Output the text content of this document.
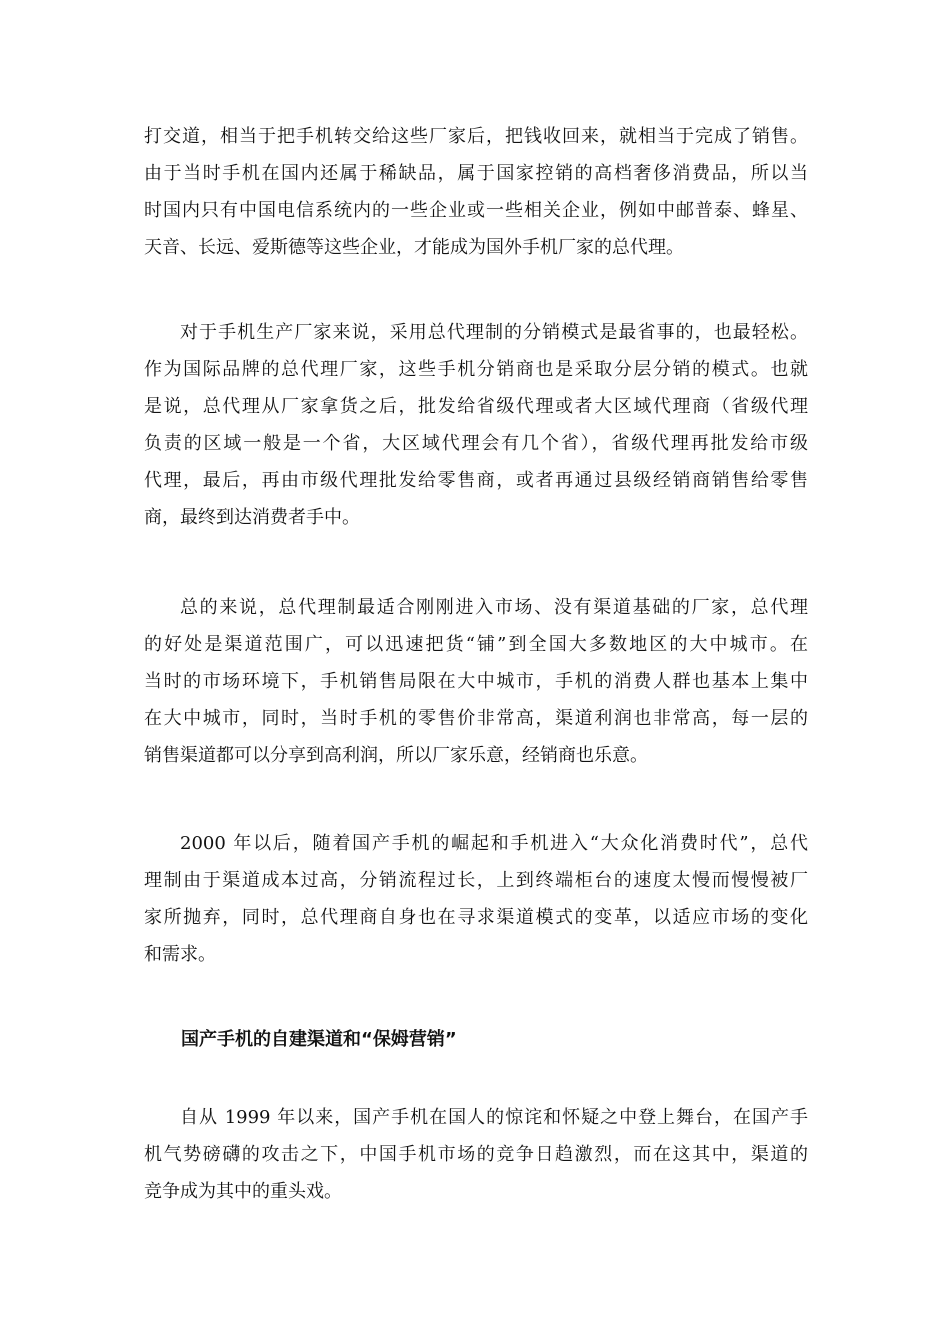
打交道，相当于把手机转交给这些厂家后，把钱收回来，就相当于完成了销售。
由于当时手机在国内还属于稀缺品，属于国家控销的高档奢侈消费品，所以当
时国内只有中国电信系统内的一些企业或一些相关企业，例如中邮普泰、蜂星、
天音、长远、爱斯德等这些企业，才能成为国外手机厂家的总代理。
对于手机生产厂家来说，采用总代理制的分销模式是最省事的，也最轻松。
作为国际品牌的总代理厂家，这些手机分销商也是采取分层分销的模式。也就
是说，总代理从厂家拿货之后，批发给省级代理或者大区域代理商（省级代理
负责的区域一般是一个省，大区域代理会有几个省），省级代理再批发给市级
代理，最后，再由市级代理批发给零售商，或者再通过县级经销商销售给零售
商，最终到达消费者手中。
总的来说，总代理制最适合刚刚进入市场、没有渠道基础的厂家，总代理
的好处是渠道范围广，可以迅速把货“铺”到全国大多数地区的大中城市。在
当时的市场环境下，手机销售局限在大中城市，手机的消费人群也基本上集中
在大中城市，同时，当时手机的零售价非常高，渠道利润也非常高，每一层的
销售渠道都可以分享到高利润，所以厂家乐意，经销商也乐意。
2000 年以后，随着国产手机的崛起和手机进入“大众化消费时代”，总代
理制由于渠道成本过高，分销流程过长，上到终端柜台的速度太慢而慢慢被厂
家所抛弃，同时，总代理商自身也在寻求渠道模式的变革，以适应市场的变化
和需求。
国产手机的自建渠道和“保姆营销”
自从 1999 年以来，国产手机在国人的惊诧和怀疑之中登上舞台，在国产手
机气势磅礴的攻击之下，中国手机市场的竞争日趋激烈，而在这其中，渠道的
竞争成为其中的重头戏。
